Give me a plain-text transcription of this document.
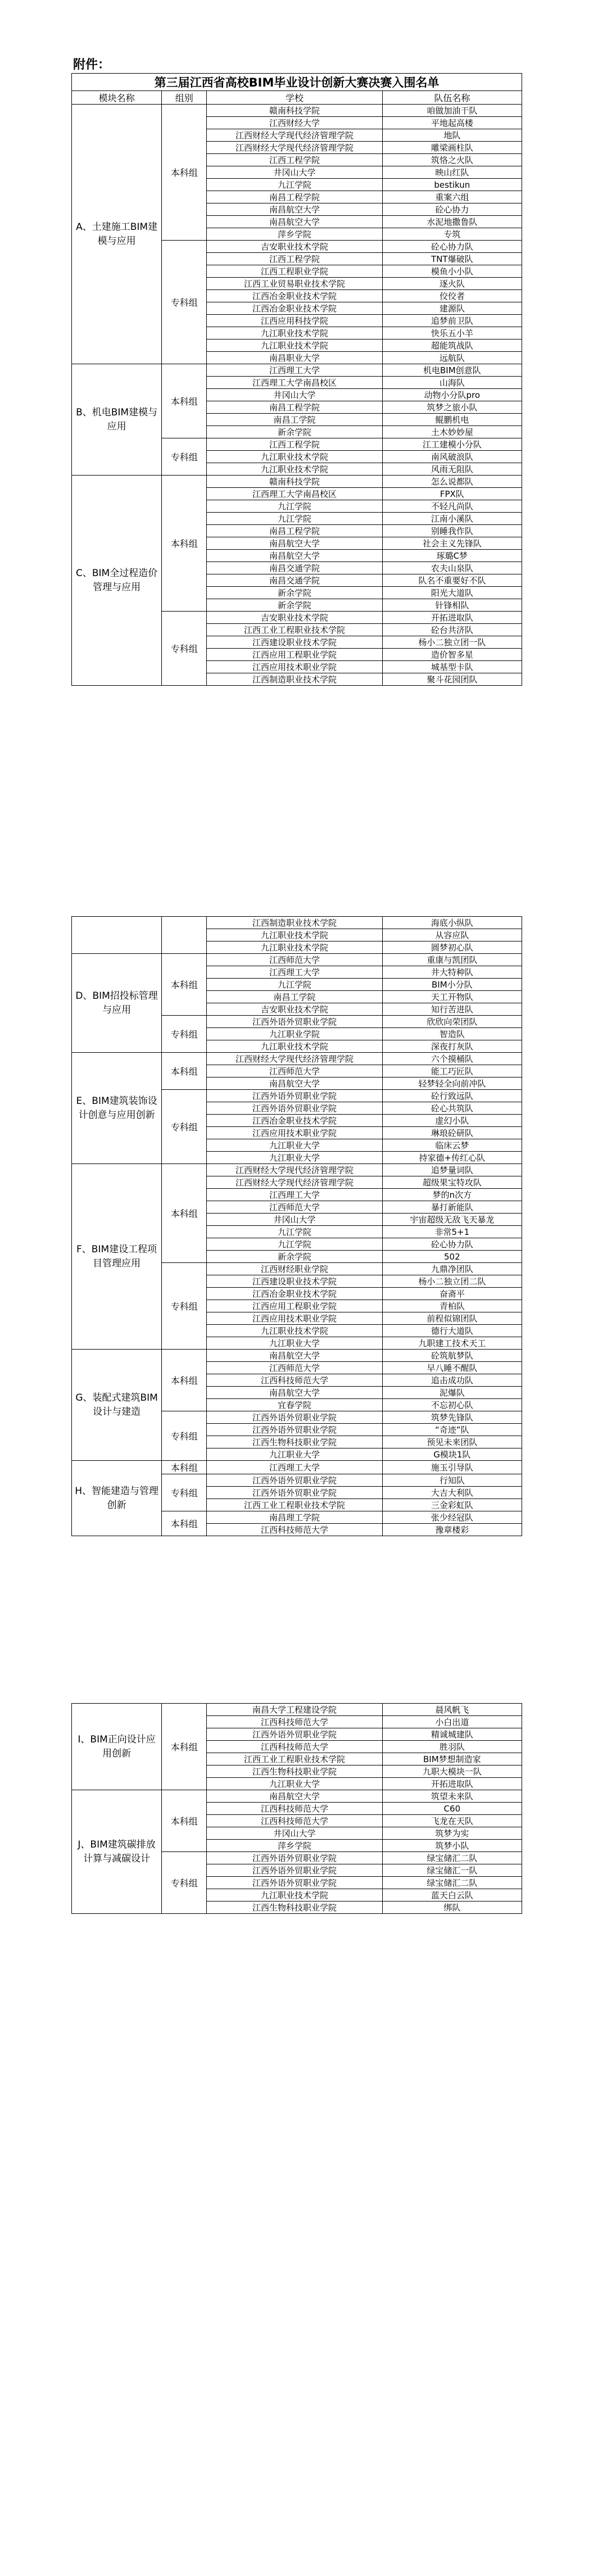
附件：
第三届江西省高校BIM毕业设计创新大赛决赛入围名单			
模块名称	组别	学校	队伍名称
A、土建施工BIM建模与应用	本科组	赣南科技学院	咱做加油干队
		江西财经大学	平地起高楼
		江西财经大学现代经济管理学院	地队
		江西财经大学现代经济管理学院	雕梁画柱队
		江西工程学院	筑恪之火队
		井冈山大学	映山红队
		九江学院	bestikun
		南昌工程学院	重案六组
		南昌航空大学	砼心协力
		南昌航空大学	水泥地撒鲁队
		萍乡学院	专筑
	专科组	吉安职业技术学院	砼心协力队
		江西工程学院	TNT爆破队
		江西工程职业学院	模鱼小小队
		江西工业贸易职业技术学院	逐火队
		江西冶金职业技术学院	佼佼者
		江西冶金职业技术学院	建源队
		江西应用科技学院	追梦前卫队
		九江职业技术学院	快乐五小羊
		九江职业技术学院	超能筑战队
		南昌职业大学	远航队
B、机电BIM建模与应用	本科组	江西理工大学	机电BIM创意队
		江西理工大学南昌校区	山海队
		井冈山大学	动物小分队pro
		南昌工程学院	筑梦之旅小队
		南昌工学院	鲲鹏机电
		新余学院	土木妙妙屋
	专科组	江西工程学院	江工建模小分队
		九江职业技术学院	南风破浪队
		九江职业技术学院	风雨无阻队
C、BIM全过程造价管理与应用	本科组	赣南科技学院	怎么说都队
		江西理工大学南昌校区	FPX队
		九江学院	不轻凡尚队
		九江学院	江南小溪队
		南昌工程学院	别睡我作队
		南昌航空大学	社会主义先锋队
		南昌航空大学	琢璐C梦
		南昌交通学院	农夫山泉队
		南昌交通学院	队名不重要好不队
		新余学院	阳光大道队
		新余学院	针锋相队
	专科组	吉安职业技术学院	开拓进取队
		江西工业工程职业技术学院	砼台共济队
		江西建设职业技术学院	杨小二独立团一队
		江西应用工程职业学院	造价智多星
		江西应用技术职业学院	城基型卡队
		江西制造职业技术学院	聚斗花园团队
		江西制造职业技术学院	海底小纵队
		九江职业技术学院	从容应队
		九江职业技术学院	圆梦初心队
D、BIM招投标管理与应用	本科组	江西师范大学	重康与凯团队
		江西理工大学	井大特种队
		九江学院	BIM小分队
		南昌工学院	天工开物队
		吉安职业技术学院	知行苦进队
	专科组	江西外语外贸职业学院	欣欣向荣团队
		九江职业学院	智造队
		九江职业技术学院	深夜打灰队
E、BIM建筑装饰设计创意与应用创新	本科组	江西财经大学现代经济管理学院	六个摸桶队
		江西师范大学	能工巧匠队
		南昌航空大学	轻梦轻全向前冲队
	专科组	江西外语外贸职业学院	砼行致远队
		江西外语外贸职业学院	砼心共筑队
		江西冶金职业技术学院	虚幻小队
		江西应用技术职业学院	琳琅砼研队
		九江职业大学	临床云梦
		九江职业大学	持家德+传红心队
F、BIM建设工程项目管理应用	本科组	江西财经大学现代经济管理学院	追梦量词队
		江西财经大学现代经济管理学院	超级果宝特攻队
		江西理工大学	梦的n次方
		江西师范大学	暴打新能队
		井冈山大学	宇宙超级无敌飞天暴龙
		九江学院	非常5+1
		九江学院	砼心协力队
		新余学院	502
	专科组	江西财经职业学院	九鼎净团队
		江西建设职业技术学院	杨小二独立团二队
		江西冶金职业技术学院	奋斋平
		江西应用工程职业学院	青柏队
		江西应用技术职业学院	前程似锦团队
		九江职业技术学院	德行大道队
		九江职业大学	九职建工技术天工
G、装配式建筑BIM设计与建造	本科组	南昌航空大学	砼筑航梦队
		江西师范大学	早八睡不醒队
		江西科技师范大学	追击成功队
		南昌航空大学	泥爆队
		宜春学院	不忘初心队
	专科组	江西外语外贸职业学院	筑梦先锋队
		江西外语外贸职业学院	“奇迹”队
		江西生物科技职业学院	预见未来团队
		九江职业大学	G模块1队
H、智能建造与管理创新	本科组	江西理工大学	施玉引导队
	专科组	江西外语外贸职业学院	行知队
		江西外语外贸职业学院	大吉大利队
		江西工业工程职业技术学院	三金彩虹队
	本科组	南昌理工学院	张少经冠队
		江西科技师范大学	豫章楼彩
I、BIM正向设计应用创新	本科组	南昌大学工程建设学院	晨风帆飞
		江西科技师范大学	小白出道
		江西外语外贸职业学院	精诚城建队
		江西科技师范大学	胜羽队
		江西工业工程职业技术学院	BIM梦想制造家
		江西生物科技职业学院	九职大模块一队
		九江职业大学	开拓进取队
J、BIM建筑碳排放计算与减碳设计	本科组	南昌航空大学	筑望未来队
		江西科技师范大学	C60
		江西科技师范大学	飞龙在天队
		井冈山大学	筑梦为实
		萍乡学院	筑梦小队
	专科组	江西外语外贸职业学院	绿宝储汇二队
		江西外语外贸职业学院	绿宝储汇一队
		江西外语外贸职业学院	绿宝储汇二队
		九江职业技术学院	蓝天白云队
		江西生物科技职业学院	绑队
